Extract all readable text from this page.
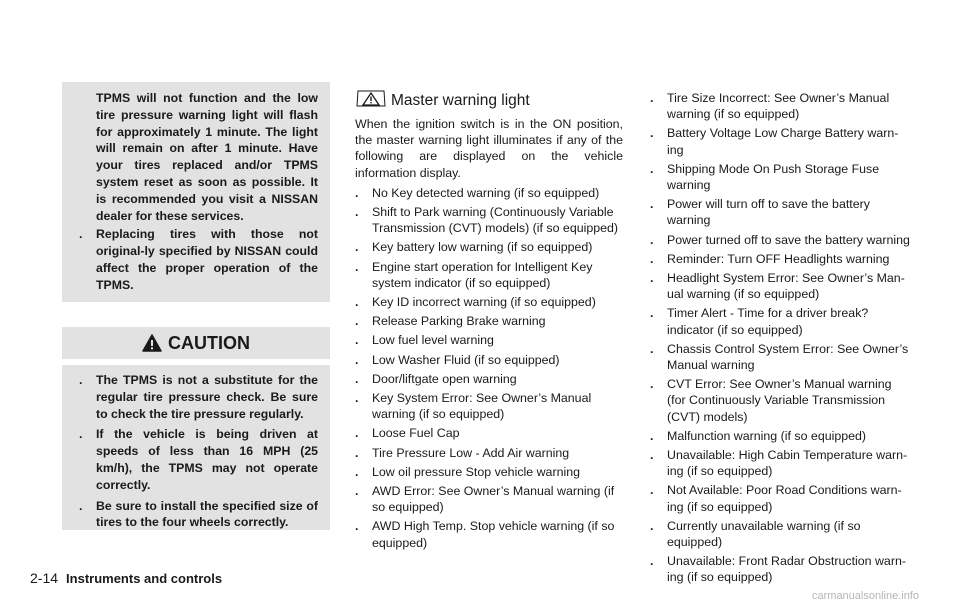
TPMS will not function and the low tire pressure warning light will flash for approximately 1 minute. The light will remain on after 1 minute. Have your tires replaced and/or TPMS system reset as soon as possible. It is recommended you visit a NISSAN dealer for these services.

. Replacing tires with those not original-ly specified by NISSAN could affect the proper operation of the TPMS.
CAUTION
. The TPMS is not a substitute for the regular tire pressure check. Be sure to check the tire pressure regularly.
. If the vehicle is being driven at speeds of less than 16 MPH (25 km/h), the TPMS may not operate correctly.
. Be sure to install the specified size of tires to the four wheels correctly.
Master warning light
When the ignition switch is in the ON position, the master warning light illuminates if any of the following are displayed on the vehicle information display.
. No Key detected warning (if so equipped)
. Shift to Park warning (Continuously Variable Transmission (CVT) models) (if so equipped)
. Key battery low warning (if so equipped)
. Engine start operation for Intelligent Key system indicator (if so equipped)
. Key ID incorrect warning (if so equipped)
. Release Parking Brake warning
. Low fuel level warning
. Low Washer Fluid (if so equipped)
. Door/liftgate open warning
. Key System Error: See Owner’s Manual warning (if so equipped)
. Loose Fuel Cap
. Tire Pressure Low - Add Air warning
. Low oil pressure Stop vehicle warning
. AWD Error: See Owner’s Manual warning (if so equipped)
. AWD High Temp. Stop vehicle warning (if so equipped)
. Tire Size Incorrect: See Owner’s Manual warning (if so equipped)
. Battery Voltage Low Charge Battery warn-ing
. Shipping Mode On Push Storage Fuse warning
. Power will turn off to save the battery warning
. Power turned off to save the battery warning
. Reminder: Turn OFF Headlights warning
. Headlight System Error: See Owner’s Man-ual warning (if so equipped)
. Timer Alert - Time for a driver break? indicator (if so equipped)
. Chassis Control System Error: See Owner’s Manual warning
. CVT Error: See Owner’s Manual warning (for Continuously Variable Transmission (CVT) models)
. Malfunction warning (if so equipped)
. Unavailable: High Cabin Temperature warn-ing (if so equipped)
. Not Available: Poor Road Conditions warn-ing (if so equipped)
. Currently unavailable warning (if so equipped)
. Unavailable: Front Radar Obstruction warn-ing (if so equipped)
2-14 Instruments and controls
carmanualsonline.info
